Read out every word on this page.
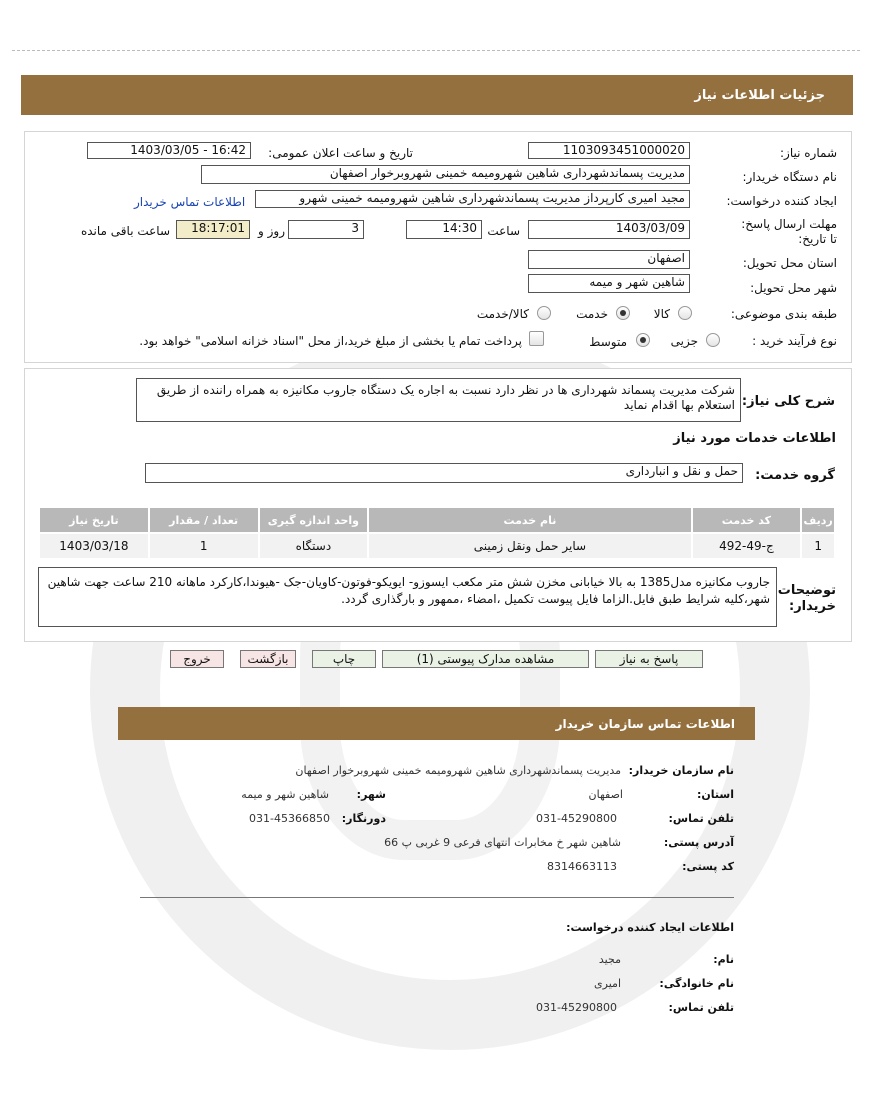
جزئیات اطلاعات نیاز
شماره نیاز:
1103093451000020
تاریخ و ساعت اعلان عمومی:
1403/03/05 - 16:42
نام دستگاه خریدار:
مدیریت پسماندشهرداری شاهین شهرومیمه خمینی شهروبرخوار اصفهان
ایجاد کننده درخواست:
مجید امیری کارپرداز مدیریت پسماندشهرداری شاهین شهرومیمه خمینی شهرو
اطلاعات تماس خریدار
مهلت ارسال پاسخ: تا تاریخ:
1403/03/09
ساعت
14:30
3
روز و
18:17:01
ساعت باقی مانده
استان محل تحویل:
اصفهان
شهر محل تحویل:
شاهین شهر و میمه
طبقه بندی موضوعی:
کالا
خدمت
کالا/خدمت
نوع فرآیند خرید :
جزیی
متوسط
پرداخت تمام یا بخشی از مبلغ خرید،از محل "اسناد خزانه اسلامی" خواهد بود.
شرح کلی نیاز:
شرکت مدیریت پسماند شهرداری ها در نظر دارد نسبت به اجاره یک دستگاه جاروب مکانیزه به همراه راننده از طریق استعلام بها اقدام نماید
اطلاعات خدمات مورد نیاز
گروه خدمت:
حمل و نقل و انبارداری
ردیف	کد خدمت	نام خدمت	واحد اندازه گیری	تعداد / مقدار	تاریخ نیاز
1	ج-49-492	سایر حمل ونقل زمینی	دستگاه	1	1403/03/18
توضیحات خریدار:
جاروب مکانیزه مدل1385 به بالا خیابانی مخزن شش متر مکعب ایسوزو- ایویکو-فوتون-کاویان-جک -هیوندا،کارکرد ماهانه 210 ساعت جهت شاهین شهر،کلیه شرایط طبق فایل.الزاما فایل پیوست تکمیل ،امضاء ،ممهور و بارگذاری گردد.
پاسخ به نیاز
مشاهده مدارک پیوستی (1)
چاپ
بازگشت
خروج
اطلاعات تماس سازمان خریدار
نام سازمان خریدار:
مدیریت پسماندشهرداری شاهین شهرومیمه خمینی شهروبرخوار اصفهان
استان:
اصفهان
شهر:
شاهین شهر و میمه
تلفن تماس:
031-45290800
دورنگار:
031-45366850
آدرس پستی:
شاهین شهر خ مخابرات انتهای فرعی 9 غربی پ 66
کد پستی:
8314663113
اطلاعات ایجاد کننده درخواست:
نام:
مجید
نام خانوادگی:
امیری
تلفن تماس:
031-45290800
